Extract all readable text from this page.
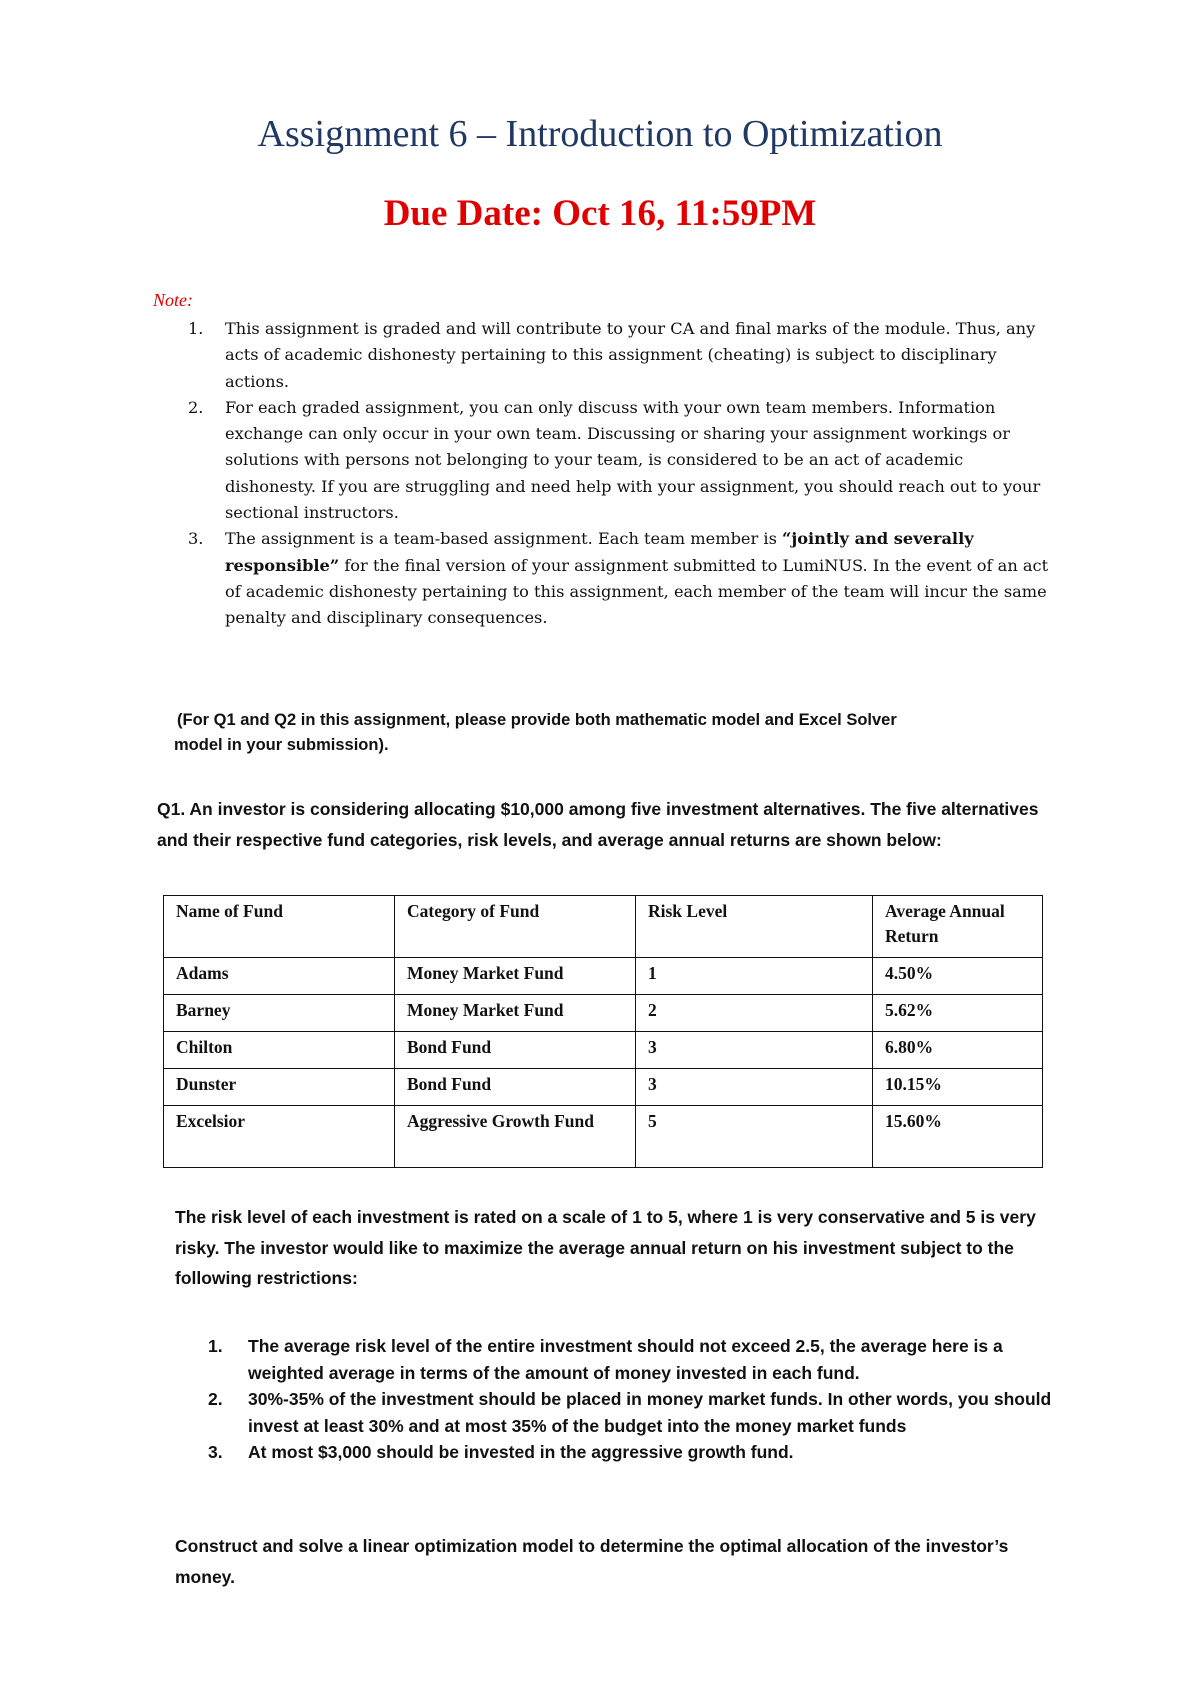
Assignment 6 – Introduction to Optimization
Due Date: Oct 16, 11:59PM
Note:
1. This assignment is graded and will contribute to your CA and final marks of the module. Thus, any acts of academic dishonesty pertaining to this assignment (cheating) is subject to disciplinary actions.
2. For each graded assignment, you can only discuss with your own team members. Information exchange can only occur in your own team. Discussing or sharing your assignment workings or solutions with persons not belonging to your team, is considered to be an act of academic dishonesty. If you are struggling and need help with your assignment, you should reach out to your sectional instructors.
3. The assignment is a team-based assignment. Each team member is “jointly and severally responsible” for the final version of your assignment submitted to LumiNUS. In the event of an act of academic dishonesty pertaining to this assignment, each member of the team will incur the same penalty and disciplinary consequences.
(For Q1 and Q2 in this assignment, please provide both mathematic model and Excel Solver
model in your submission).
Q1. An investor is considering allocating $10,000 among five investment alternatives. The five alternatives and their respective fund categories, risk levels, and average annual returns are shown below:
Name of Fund	Category of Fund	Risk Level	Average Annual Return
Adams	Money Market Fund	1	4.50%
Barney	Money Market Fund	2	5.62%
Chilton	Bond Fund	3	6.80%
Dunster	Bond Fund	3	10.15%
Excelsior	Aggressive Growth Fund	5	15.60%
The risk level of each investment is rated on a scale of 1 to 5, where 1 is very conservative and 5 is very risky. The investor would like to maximize the average annual return on his investment subject to the following restrictions:
1. The average risk level of the entire investment should not exceed 2.5, the average here is a weighted average in terms of the amount of money invested in each fund.
2. 30%-35% of the investment should be placed in money market funds. In other words, you should invest at least 30% and at most 35% of the budget into the money market funds
3. At most $3,000 should be invested in the aggressive growth fund.
Construct and solve a linear optimization model to determine the optimal allocation of the investor’s money.
